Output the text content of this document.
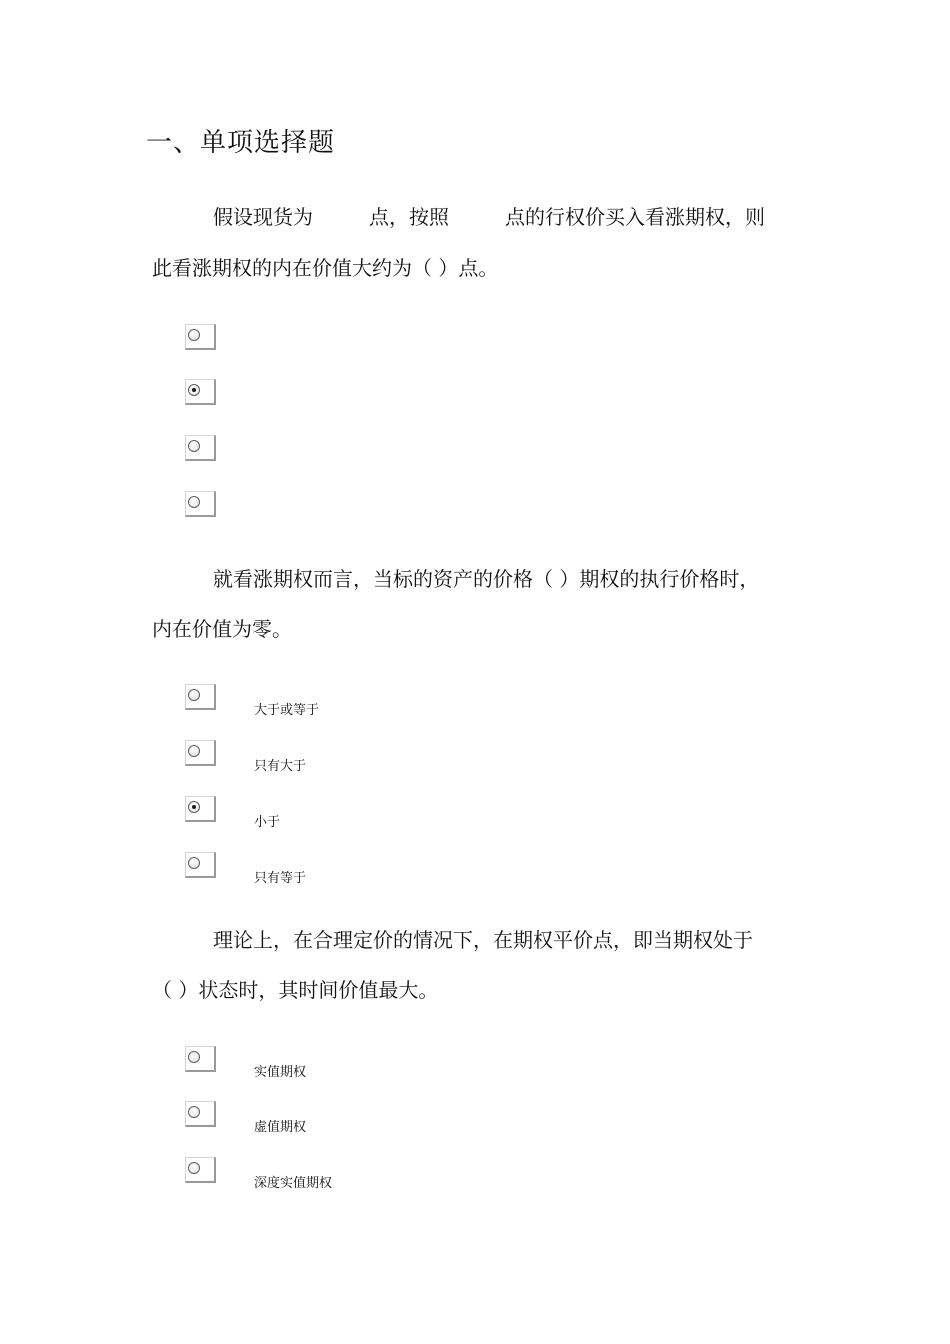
一、单项选择题

假设现货为	点，按照	点的行权价买入看涨期权，则

此看涨期权的内在价值大约为（ ）点。

就看涨期权而言，当标的资产的价格（ ）期权的执行价格时，

内在价值为零。

大于或等于
只有大于
小于
只有等于

理论上，在合理定价的情况下，在期权平价点，即当期权处于

（ ）状态时，其时间价值最大。

实值期权
虚值期权
深度实值期权
